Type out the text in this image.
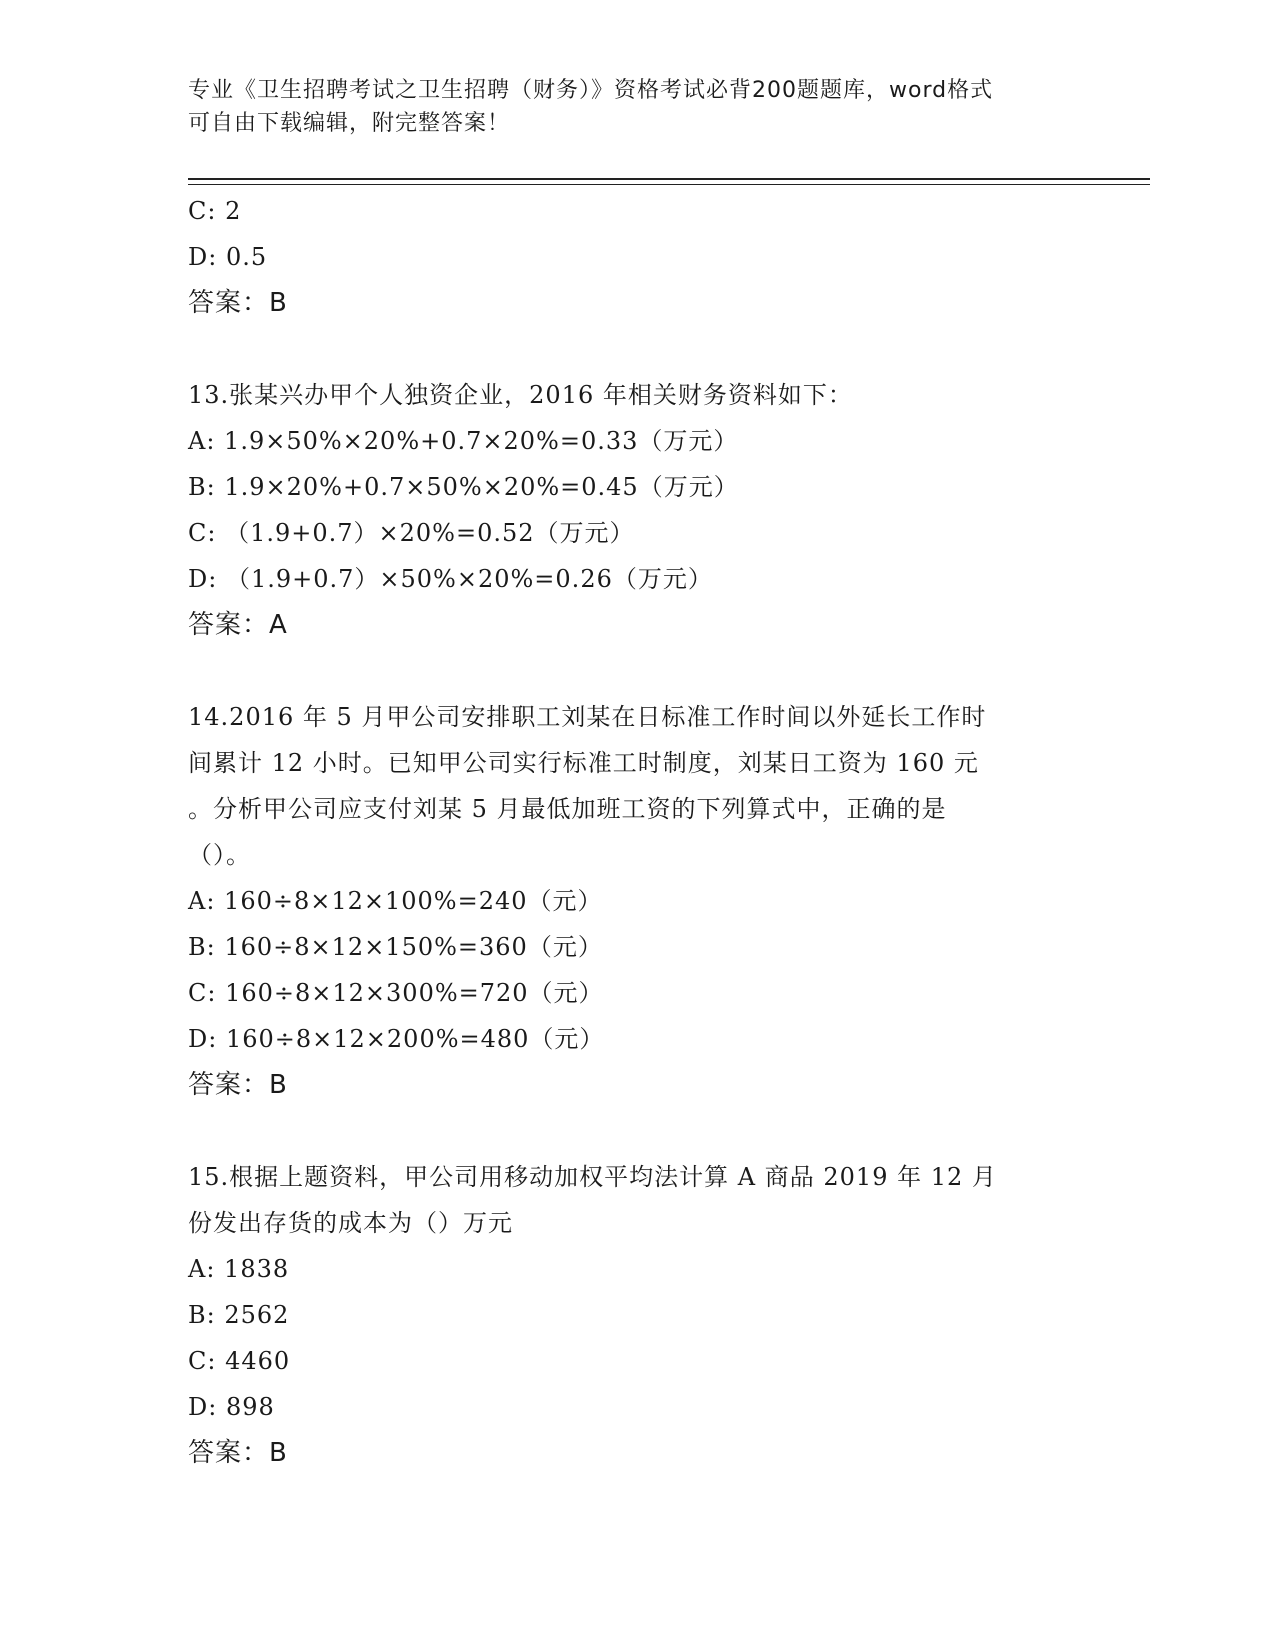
专业《卫生招聘考试之卫生招聘（财务）》资格考试必背200题题库，word格式
可自由下载编辑，附完整答案！
C: 2
D: 0.5
答案：B
13.张某兴办甲个人独资企业，2016 年相关财务资料如下：
A: 1.9×50%×20%+0.7×20%=0.33（万元）
B: 1.9×20%+0.7×50%×20%=0.45（万元）
C: （1.9+0.7）×20%=0.52（万元）
D: （1.9+0.7）×50%×20%=0.26（万元）
答案：A
14.2016 年 5 月甲公司安排职工刘某在日标准工作时间以外延长工作时
间累计 12 小时。已知甲公司实行标准工时制度，刘某日工资为 160 元
。分析甲公司应支付刘某 5 月最低加班工资的下列算式中，正确的是
（）。
A: 160÷8×12×100%=240（元）
B: 160÷8×12×150%=360（元）
C: 160÷8×12×300%=720（元）
D: 160÷8×12×200%=480（元）
答案：B
15.根据上题资料，甲公司用移动加权平均法计算 A 商品 2019 年 12 月
份发出存货的成本为（）万元
A: 1838
B: 2562
C: 4460
D: 898
答案：B
